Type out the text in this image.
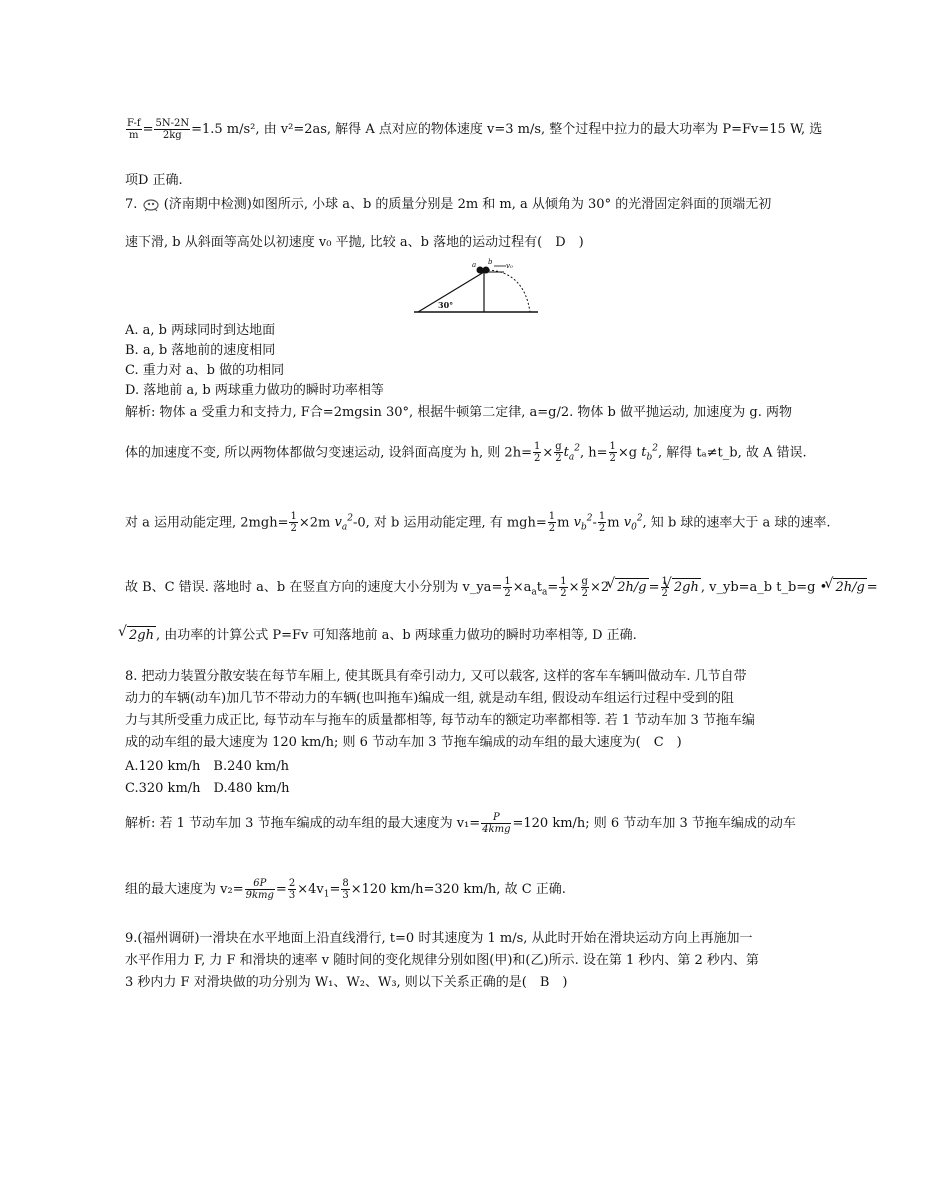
$\frac{F-f}{m} = \frac{5N-2N}{2kg} =1.5$ m/s², 由 v²=2as, 解得 A 点对应的物体速度 v=3 m/s, 整个过程中拉力的最大功率为 P=Fv=15 W, 选
项D 正确.
7. (济南期中检测)如图所示, 小球 a、b 的质量分别是 2m 和 m, a 从倾角为 30° 的光滑固定斜面的顶端无初
速下滑, b 从斜面等高处以初速度 v₀ 平抛, 比较 a、b 落地的运动过程有(　D　)
a b v₀
30°
A. a, b 两球同时到达地面
B. a, b 落地前的速度相同
C. 重力对 a、b 做的功相同
D. 落地前 a, b 两球重力做功的瞬时功率相等
解析: 物体 a 受重力和支持力, F合=2mgsin 30°, 根据牛顿第二定律, a=g/2. 物体 b 做平抛运动, 加速度为 g. 两物
体的加速度不变, 所以两物体都做匀变速运动, 设斜面高度为 h, 则 $2h= \frac{1}{2} \times \frac{g}{2} t_a^2$, $h= \frac{1}{2} \times g$ $t_b^2$, 解得 tₐ≠t_b, 故 A 错误.
对 a 运用动能定理, $2mgh= \frac{1}{2} \times 2m$ $v_a^2-0$, 对 b 运用动能定理, 有 $mgh= \frac{1}{2}$ m $v_b^2- \frac{1}{2}$ m $v_0^2$, 知 b 球的速率大于 a 球的速率.
故 B、C 错误. 落地时 a、b 在竖直方向的速度大小分别为 v_ya= $\frac{1}{2} \times a_at_a= \frac{1}{2} \times \frac{g}{2} \times 2$ √ $2h/g = \frac{1}{2}$ √ 2gh , v_yb=a_b t_b=g • √ 2h/g =
√ 2gh , 由功率的计算公式 P=Fv 可知落地前 a、b 两球重力做功的瞬时功率相等, D 正确.
8. 把动力装置分散安装在每节车厢上, 使其既具有牵引动力, 又可以载客, 这样的客车车辆叫做动车. 几节自带
动力的车辆(动车)加几节不带动力的车辆(也叫拖车)编成一组, 就是动车组, 假设动车组运行过程中受到的阻
力与其所受重力成正比, 每节动车与拖车的质量都相等, 每节动车的额定功率都相等. 若 1 节动车加 3 节拖车编
成的动车组的最大速度为 120 km/h; 则 6 节动车加 3 节拖车编成的动车组的最大速度为(　C　)
A.120 km/h　B.240 km/h
C.320 km/h　D.480 km/h
解析: 若 1 节动车加 3 节拖车编成的动车组的最大速度为 $v_1= \frac{P}{\text{4kmg}} =120$ km/h; 则 6 节动车加 3 节拖车编成的动车
组的最大速度为 $v_2= \frac{6P}{\text{9kmg}} = \frac{2}{3} \times 4v_1= \frac{8}{3} \times 120$ km/h=320 km/h, 故 C 正确.
9.(福州调研)一滑块在水平地面上沿直线滑行, t=0 时其速度为 1 m/s, 从此时开始在滑块运动方向上再施加一
水平作用力 F, 力 F 和滑块的速率 v 随时间的变化规律分别如图(甲)和(乙)所示. 设在第 1 秒内、第 2 秒内、第
3 秒内力 F 对滑块做的功分别为 W₁、W₂、W₃, 则以下关系正确的是(　B　)
